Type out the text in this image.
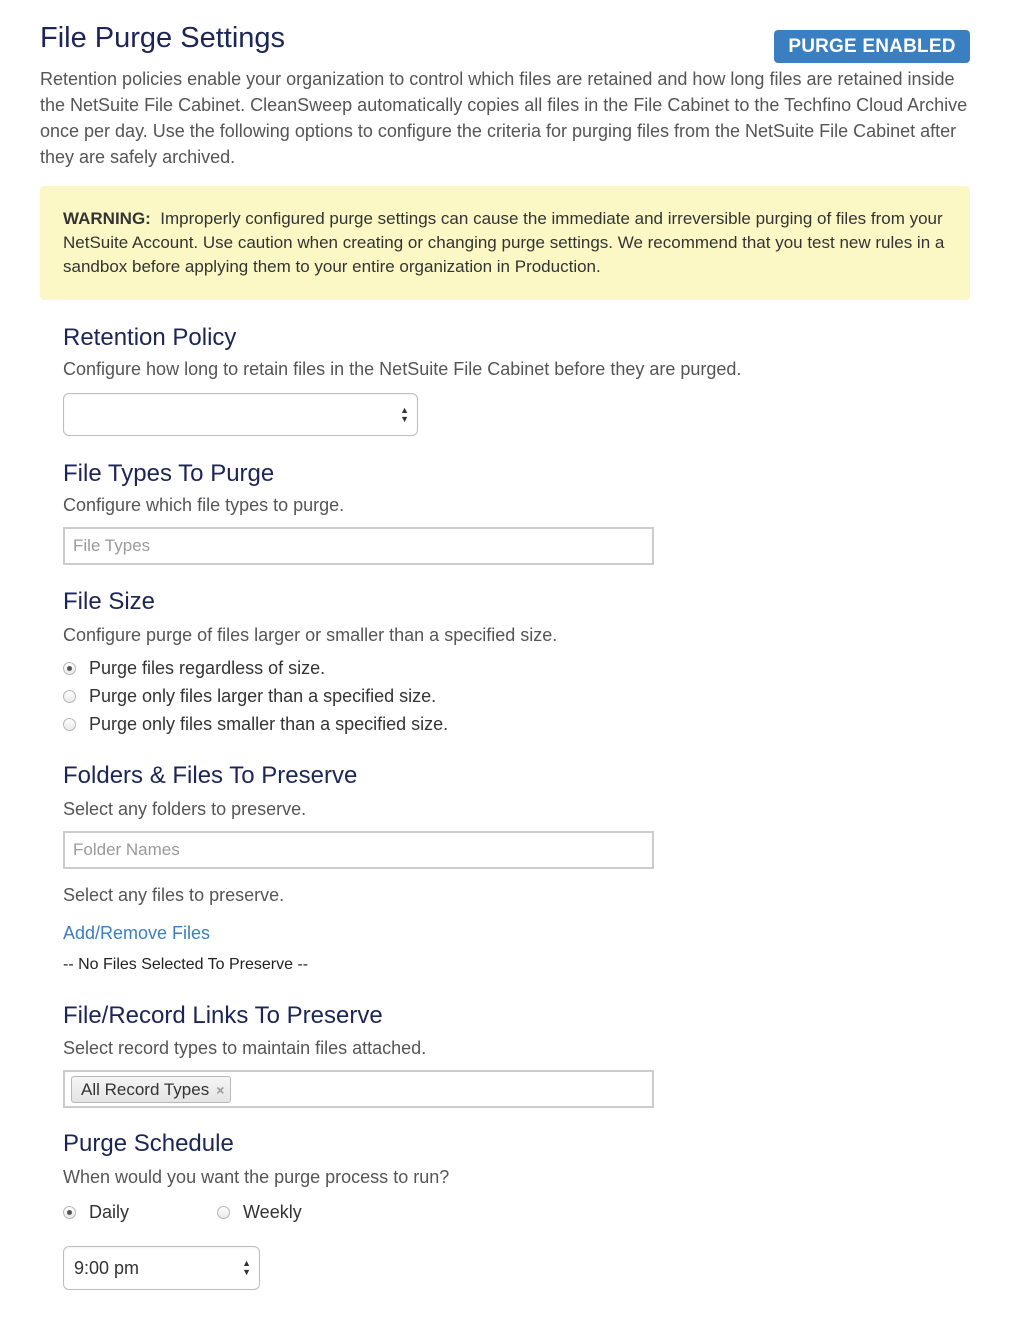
File Purge Settings	PURGE ENABLED

Retention policies enable your organization to control which files are retained and how long files are retained inside the NetSuite File Cabinet. CleanSweep automatically copies all files in the File Cabinet to the Techfino Cloud Archive once per day. Use the following options to configure the criteria for purging files from the NetSuite File Cabinet after they are safely archived.

WARNING: Improperly configured purge settings can cause the immediate and irreversible purging of files from your NetSuite Account. Use caution when creating or changing purge settings. We recommend that you test new rules in a sandbox before applying them to your entire organization in Production.
Retention Policy

Configure how long to retain files in the NetSuite File Cabinet before they are purged.

▲
▼
File Types To Purge

Configure which file types to purge.

File Types
File Size

Configure purge of files larger or smaller than a specified size.

Purge files regardless of size.
Purge only files larger than a specified size.
Purge only files smaller than a specified size.
Folders & Files To Preserve

Select any folders to preserve.

Folder Names

Select any files to preserve.

Add/Remove Files
-- No Files Selected To Preserve --
File/Record Links To Preserve

Select record types to maintain files attached.

All Record Types ×
Purge Schedule

When would you want the purge process to run?

Daily	Weekly
9:00 pm	▲
▼
